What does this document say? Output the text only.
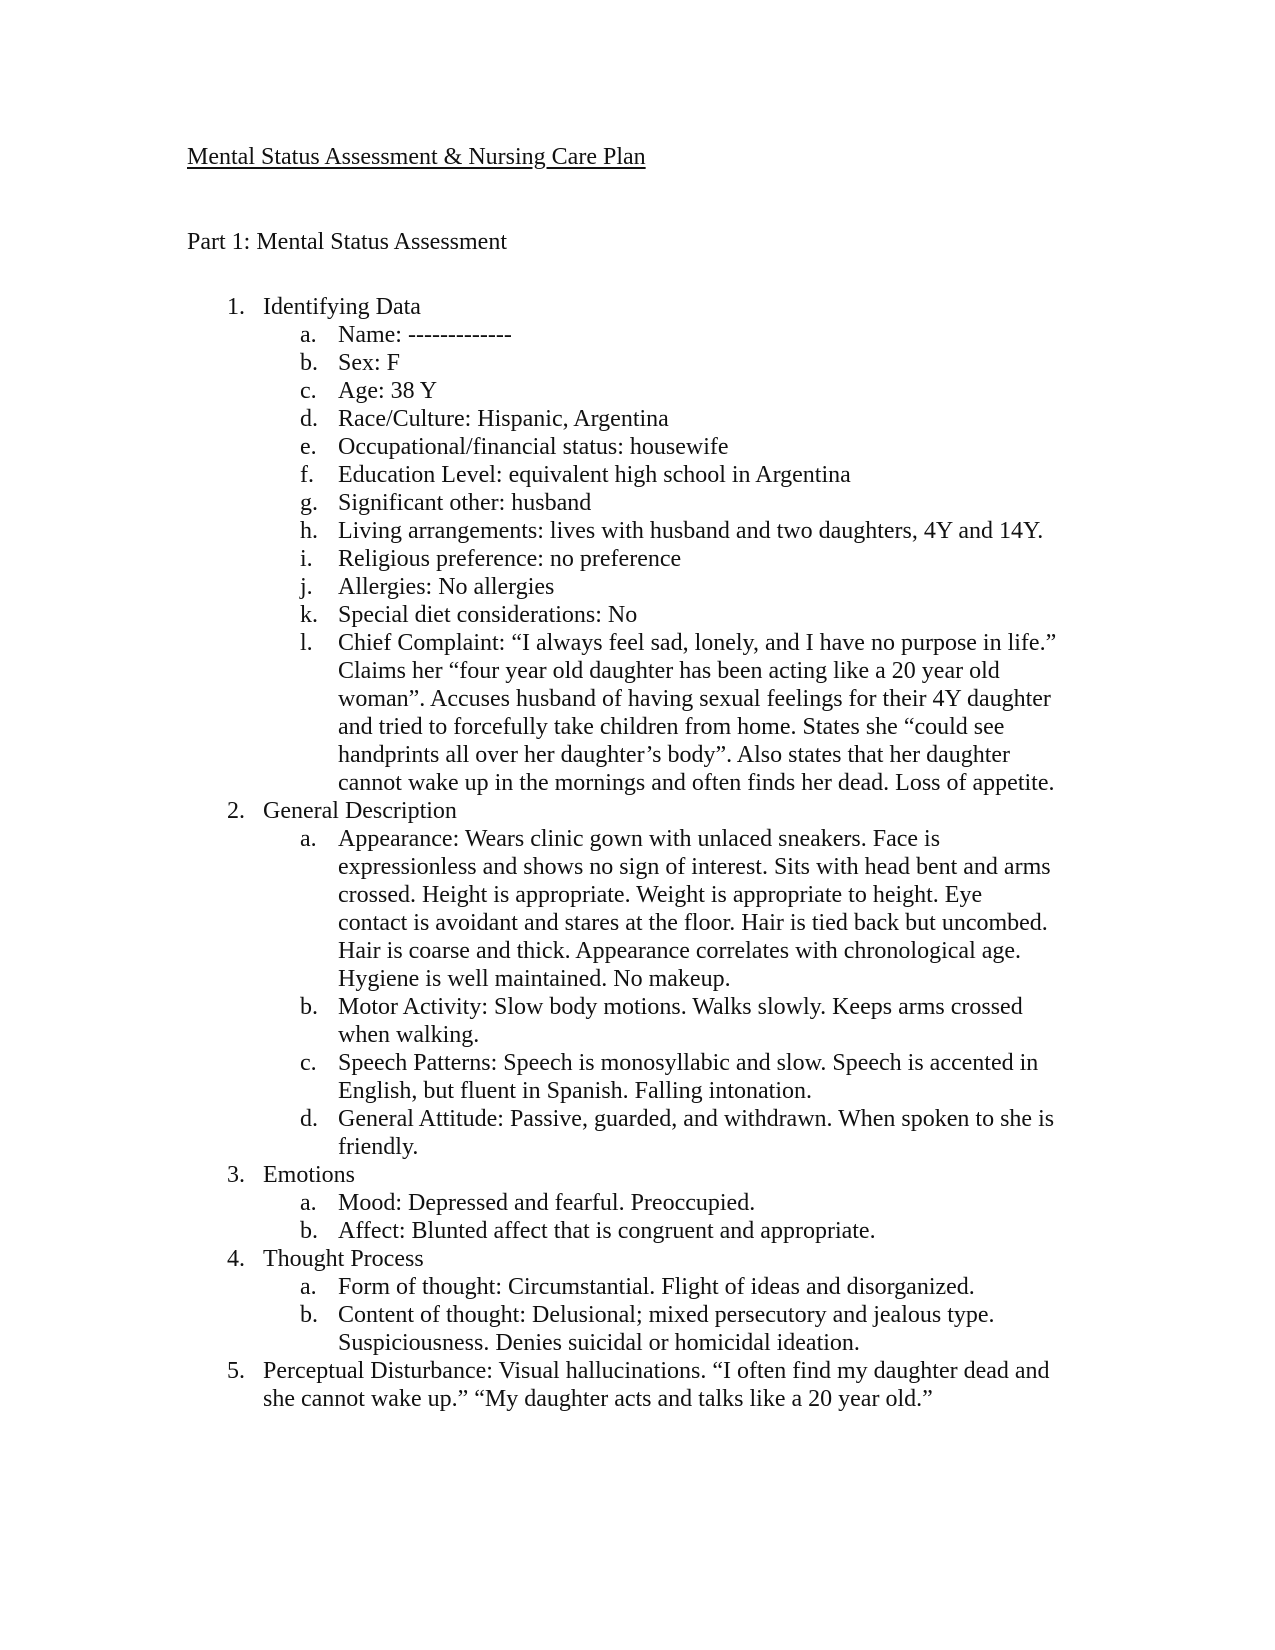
Mental Status Assessment & Nursing Care Plan
Part 1: Mental Status Assessment
1. Identifying Data
a. Name: -------------
b. Sex: F
c. Age: 38 Y
d. Race/Culture: Hispanic, Argentina
e. Occupational/financial status: housewife
f. Education Level: equivalent high school in Argentina
g. Significant other: husband
h. Living arrangements: lives with husband and two daughters, 4Y and 14Y.
i. Religious preference: no preference
j. Allergies: No allergies
k. Special diet considerations: No
l. Chief Complaint: “I always feel sad, lonely, and I have no purpose in life.”
Claims her “four year old daughter has been acting like a 20 year old
woman”. Accuses husband of having sexual feelings for their 4Y daughter
and tried to forcefully take children from home. States she “could see
handprints all over her daughter’s body”. Also states that her daughter
cannot wake up in the mornings and often finds her dead. Loss of appetite.
2. General Description
a. Appearance: Wears clinic gown with unlaced sneakers. Face is
expressionless and shows no sign of interest. Sits with head bent and arms
crossed. Height is appropriate. Weight is appropriate to height. Eye
contact is avoidant and stares at the floor. Hair is tied back but uncombed.
Hair is coarse and thick. Appearance correlates with chronological age.
Hygiene is well maintained. No makeup.
b. Motor Activity: Slow body motions. Walks slowly. Keeps arms crossed
when walking.
c. Speech Patterns: Speech is monosyllabic and slow. Speech is accented in
English, but fluent in Spanish. Falling intonation.
d. General Attitude: Passive, guarded, and withdrawn. When spoken to she is
friendly.
3. Emotions
a. Mood: Depressed and fearful. Preoccupied.
b. Affect: Blunted affect that is congruent and appropriate.
4. Thought Process
a. Form of thought: Circumstantial. Flight of ideas and disorganized.
b. Content of thought: Delusional; mixed persecutory and jealous type.
Suspiciousness. Denies suicidal or homicidal ideation.
5. Perceptual Disturbance: Visual hallucinations. “I often find my daughter dead and
she cannot wake up.” “My daughter acts and talks like a 20 year old.”
